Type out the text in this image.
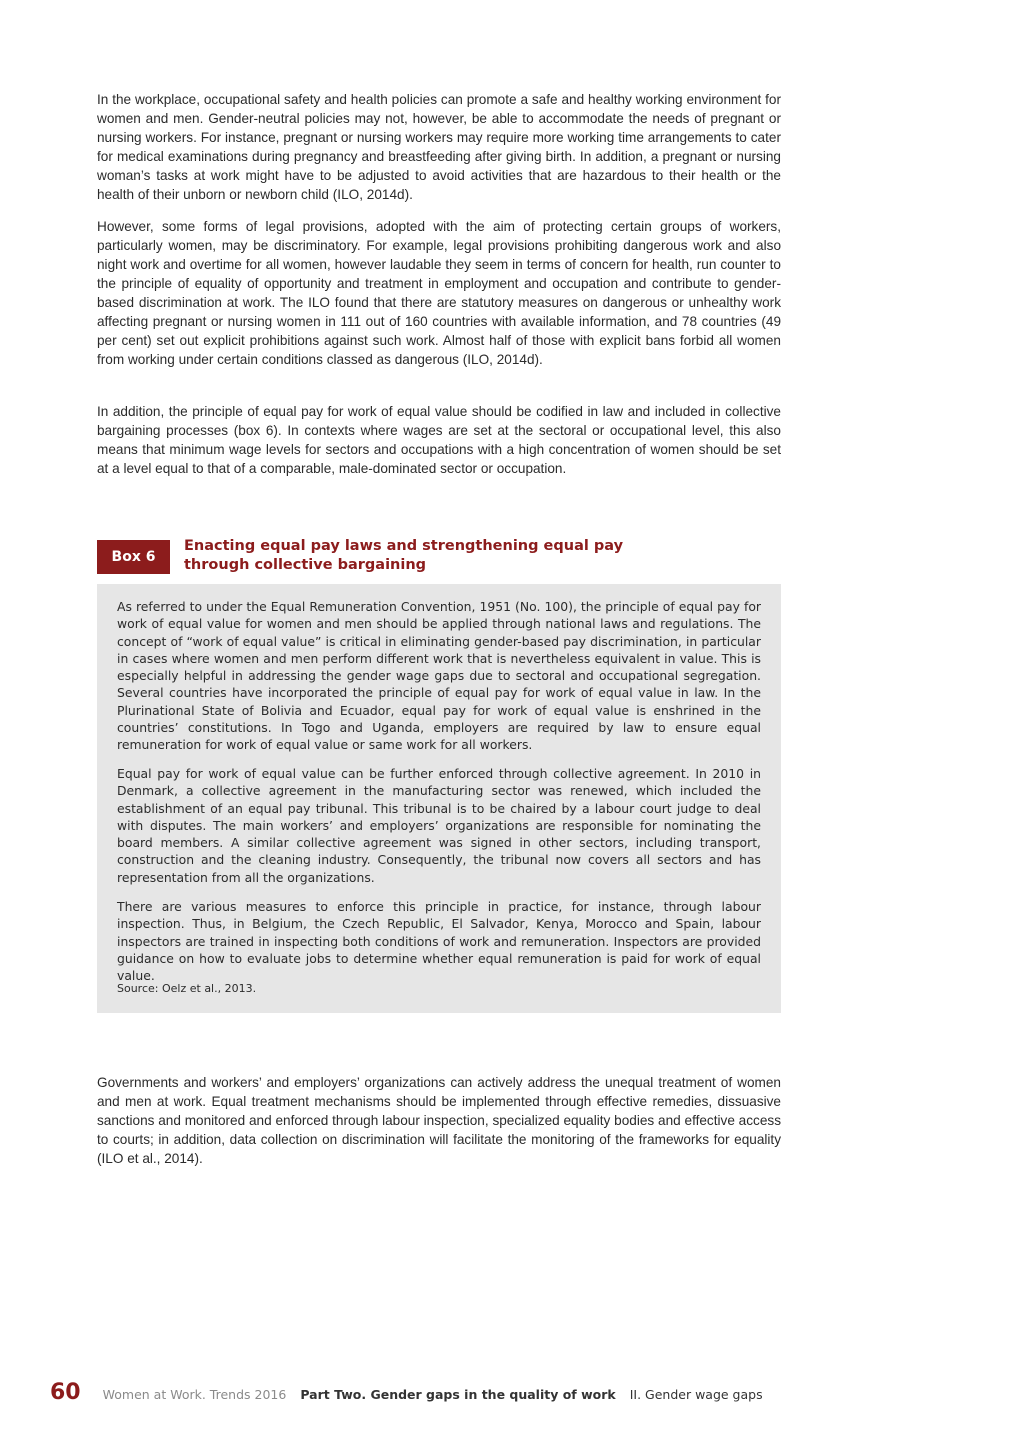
In the workplace, occupational safety and health policies can promote a safe and healthy working environment for women and men. Gender-neutral policies may not, however, be able to accommodate the needs of pregnant or nursing workers. For instance, pregnant or nursing workers may require more working time arrangements to cater for medical examinations during pregnancy and breastfeeding after giving birth. In addition, a pregnant or nursing woman’s tasks at work might have to be adjusted to avoid activities that are hazardous to their health or the health of their unborn or newborn child (ILO, 2014d).

However, some forms of legal provisions, adopted with the aim of protecting certain groups of workers, particularly women, may be discriminatory. For example, legal provisions prohibiting dangerous work and also night work and overtime for all women, however laudable they seem in terms of concern for health, run counter to the principle of equality of opportunity and treatment in employment and occupation and contribute to gender-based discrimination at work. The ILO found that there are statutory measures on dangerous or unhealthy work affecting pregnant or nursing women in 111 out of 160 countries with available information, and 78 countries (49 per cent) set out explicit prohibitions against such work. Almost half of those with explicit bans forbid all women from working under certain conditions classed as dangerous (ILO, 2014d).

In addition, the principle of equal pay for work of equal value should be codified in law and included in collective bargaining processes (box 6). In contexts where wages are set at the sectoral or occupational level, this also means that minimum wage levels for sectors and occupations with a high concentration of women should be set at a level equal to that of a comparable, male-dominated sector or occupation.

Box 6
Enacting equal pay laws and strengthening equal pay
through collective bargaining

As referred to under the Equal Remuneration Convention, 1951 (No. 100), the principle of equal pay for work of equal value for women and men should be applied through national laws and regulations. The concept of “work of equal value” is critical in eliminating gender-based pay discrimination, in particular in cases where women and men perform different work that is nevertheless equivalent in value. This is especially helpful in addressing the gender wage gaps due to sectoral and occupational segregation. Several countries have incorporated the principle of equal pay for work of equal value in law. In the Plurinational State of Bolivia and Ecuador, equal pay for work of equal value is enshrined in the countries’ constitutions. In Togo and Uganda, employers are required by law to ensure equal remuneration for work of equal value or same work for all workers.

Equal pay for work of equal value can be further enforced through collective agreement. In 2010 in Denmark, a collective agreement in the manufacturing sector was renewed, which included the establishment of an equal pay tribunal. This tribunal is to be chaired by a labour court judge to deal with disputes. The main workers’ and employers’ organizations are responsible for nominating the board members. A similar collective agreement was signed in other sectors, including transport, construction and the cleaning industry. Consequently, the tribunal now covers all sectors and has representation from all the organizations.

There are various measures to enforce this principle in practice, for instance, through labour inspection. Thus, in Belgium, the Czech Republic, El Salvador, Kenya, Morocco and Spain, labour inspectors are trained in inspecting both conditions of work and remuneration. Inspectors are provided guidance on how to evaluate jobs to determine whether equal remuneration is paid for work of equal value.

Source: Oelz et al., 2013.

Governments and workers’ and employers’ organizations can actively address the unequal treatment of women and men at work. Equal treatment mechanisms should be implemented through effective remedies, dissuasive sanctions and monitored and enforced through labour inspection, specialized equality bodies and effective access to courts; in addition, data collection on discrimination will facilitate the monitoring of the frameworks for equality (ILO et al., 2014).

60 Women at Work. Trends 2016 Part Two. Gender gaps in the quality of work II. Gender wage gaps
